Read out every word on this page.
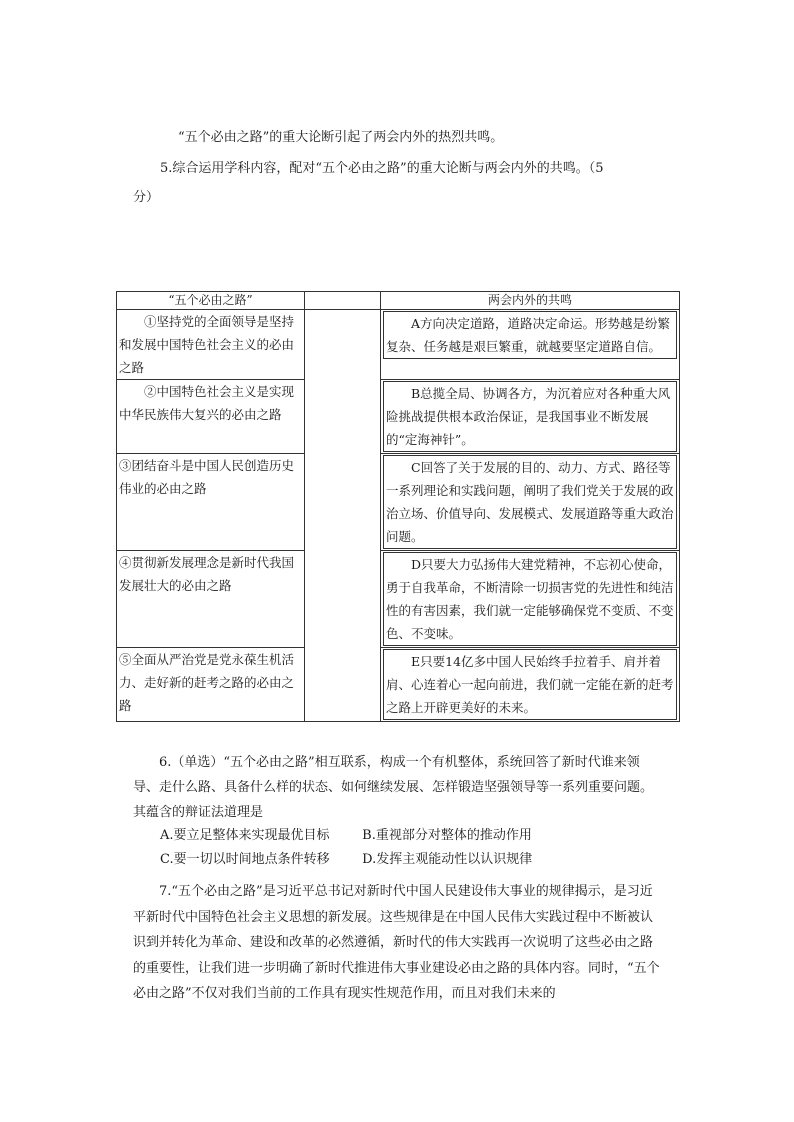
“五个必由之路”的重大论断引起了两会内外的热烈共鸣。
5.综合运用学科内容，配对“五个必由之路”的重大论断与两会内外的共鸣。（5
分）
“五个必由之路”		两会内外的共鸣
①坚持党的全面领导是坚持和发展中国特色社会主义的必由之路		A方向决定道路，道路决定命运。形势越是纷繁复杂、任务越是艰巨繁重，就越要坚定道路自信。

②中国特色社会主义是实现中华民族伟大复兴的必由之路		B总揽全局、协调各方，为沉着应对各种重大风险挑战提供根本政治保证，是我国事业不断发展的“定海神针”。

③团结奋斗是中国人民创造历史伟业的必由之路		C回答了关于发展的目的、动力、方式、路径等一系列理论和实践问题，阐明了我们党关于发展的政治立场、价值导向、发展模式、发展道路等重大政治问题。

④贯彻新发展理念是新时代我国发展壮大的必由之路		D只要大力弘扬伟大建党精神，不忘初心使命，勇于自我革命，不断清除一切损害党的先进性和纯洁性的有害因素，我们就一定能够确保党不变质、不变色、不变味。

⑤全面从严治党是党永葆生机活力、走好新的赶考之路的必由之路		E只要14亿多中国人民始终手拉着手、肩并着肩、心连着心一起向前进，我们就一定能在新的赶考之路上开辟更美好的未来。
6.（单选）“五个必由之路”相互联系，构成一个有机整体，系统回答了新时代谁来领导、走什么路、具备什么样的状态、如何继续发展、怎样锻造坚强领导等一系列重要问题。其蕴含的辩证法道理是
A.要立足整体来实现最优目标	B.重视部分对整体的推动作用
C.要一切以时间地点条件转移	D.发挥主观能动性以认识规律
7.“五个必由之路”是习近平总书记对新时代中国人民建设伟大事业的规律揭示，是习近平新时代中国特色社会主义思想的新发展。这些规律是在中国人民伟大实践过程中不断被认识到并转化为革命、建设和改革的必然遵循，新时代的伟大实践再一次说明了这些必由之路的重要性，让我们进一步明确了新时代推进伟大事业建设必由之路的具体内容。同时，“五个必由之路”不仅对我们当前的工作具有现实性规范作用，而且对我们未来的
